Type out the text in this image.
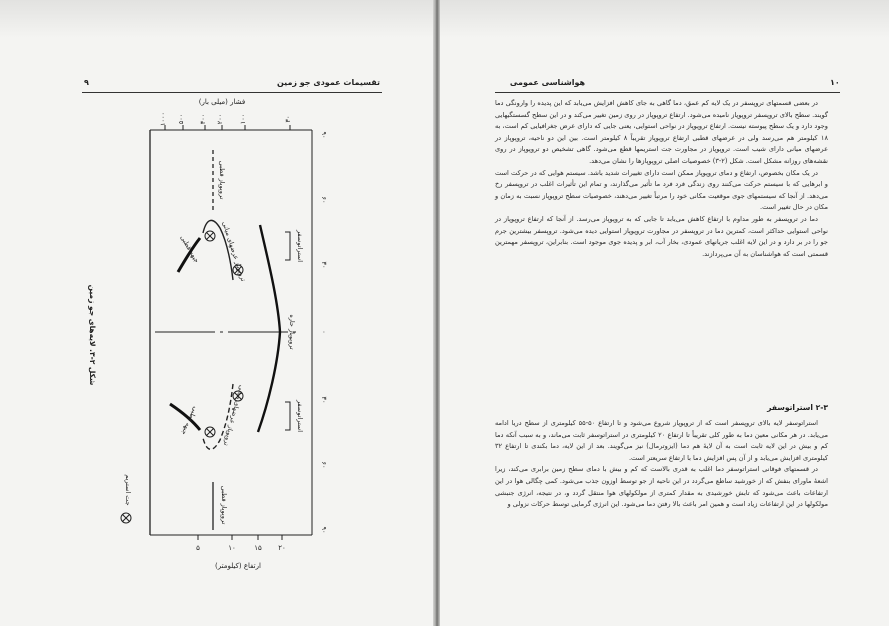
۹	تقسیمات عمودی جو زمین
۱۰۰۰ ۵۰۰ ۳۰۰ ۲۰۰ ۱۰۰	۳۰
فشار (میلی بار)
۵	۱۰	۱۵ ۲۰
ارتفاع (کیلومتر)
۹۰
۶۰
۳۰
۰
۳۰
۶۰
۹۰
تروپوپاز قطبی
تروپوپاز قطبی
جبهه قطبی
جبهه قطبی
تروپوپاز عرضهای میانی
تروپوپاز عرضهای میانی
تروپوپاز حاره
استراتوسفر
استراتوسفر
جت استریم
شکل ۲-۳. لایه‌های جو زمین
۱۰
هواشناسی عمومی

در بعضی قسمتهای تروپسفر در یک لایه کم عمق، دما گاهی به جای کاهش افزایش می‌یابد که این پدیده را وارونگی دما گویند. سطح بالای تروپسفر تروپوپاز نامیده می‌شود. ارتفاع تروپوپاز در روی زمین تغییر می‌کند و در این سطح گسستگیهایی وجود دارد و یک سطح پیوسته نیست. ارتفاع تروپوپاز در نواحی استوایی، یعنی جایی که دارای عرض جغرافیایی کم است، به ۱۸ کیلومتر هم می‌رسد ولی در عرضهای قطبی ارتفاع تروپوپاز تقریباً ۸ کیلومتر است. بین این دو ناحیه، تروپوپاز در عرضهای میانی دارای شیب است. تروپوپاز در مجاورت جت استریمها قطع می‌شود. گاهی تشخیص دو تروپوپاز در روی نقشه‌های روزانه مشکل است. شکل (۲-۳) خصوصیات اصلی تروپوپازها را نشان می‌دهد.

در یک مکان بخصوص، ارتفاع و دمای تروپوپاز ممکن است دارای تغییرات شدید باشد. سیستم هوایی که در حرکت است و ابرهایی که با سیستم حرکت می‌کنند روی زندگی فرد فرد ما تأثیر می‌گذارند، و تمام این تأثیرات اغلب در تروپسفر رخ می‌دهد. از آنجا که سیستمهای جوی موقعیت مکانی خود را مرتباً تغییر می‌دهند، خصوصیات سطح تروپوپاز نسبت به زمان و مکان در حال تغییر است.

دما در تروپسفر به طور مداوم با ارتفاع کاهش می‌یابد تا جایی که به تروپوپاز می‌رسد. از آنجا که ارتفاع تروپوپاز در نواحی استوایی حداکثر است، کمترین دما در تروپسفر در مجاورت تروپوپاز استوایی دیده می‌شود. تروپسفر بیشترین جرم جو را در بر دارد و در این لایه اغلب جریانهای عمودی، بخار آب، ابر و پدیده جوی موجود است. بنابراین، تروپسفر مهمترین قسمتی است که هواشناسان به آن می‌پردازند.

۲-۳ استراتوسفر

استراتوسفر لایه بالای تروپسفر است که از تروپوپاز شروع می‌شود و تا ارتفاع ۵۰-۵۵ کیلومتری از سطح دریا ادامه می‌یابد. در هر مکانی معین دما به طور کلی تقریباً تا ارتفاع ۲۰ کیلومتری در استراتوسفر ثابت می‌ماند، و به سبب آنکه دما کم و بیش در این لایه ثابت است به آن لایهٔ هم دما (ایزوترمال) نیز می‌گویند. بعد از این لایه، دما بکندی تا ارتفاع ۳۲ کیلومتری افزایش می‌یابد و از آن پس افزایش دما با ارتفاع سریعتر است.

در قسمتهای فوقانی استراتوسفر دما اغلب به قدری بالاست که کم و بیش با دمای سطح زمین برابری می‌کند، زیرا اشعهٔ ماورای بنفش که از خورشید ساطع می‌گردد در این ناحیه از جو توسط اوزون جذب می‌شود. کمی چگالی هوا در این ارتفاعات باعث می‌شود که تابش خورشیدی به مقدار کمتری از مولکولهای هوا منتقل گردد و، در نتیجه، انرژی جنبشی مولکولها در این ارتفاعات زیاد است و همین امر باعث بالا رفتن دما می‌شود. این انرژی گرمایی توسط حرکات نزولی و
